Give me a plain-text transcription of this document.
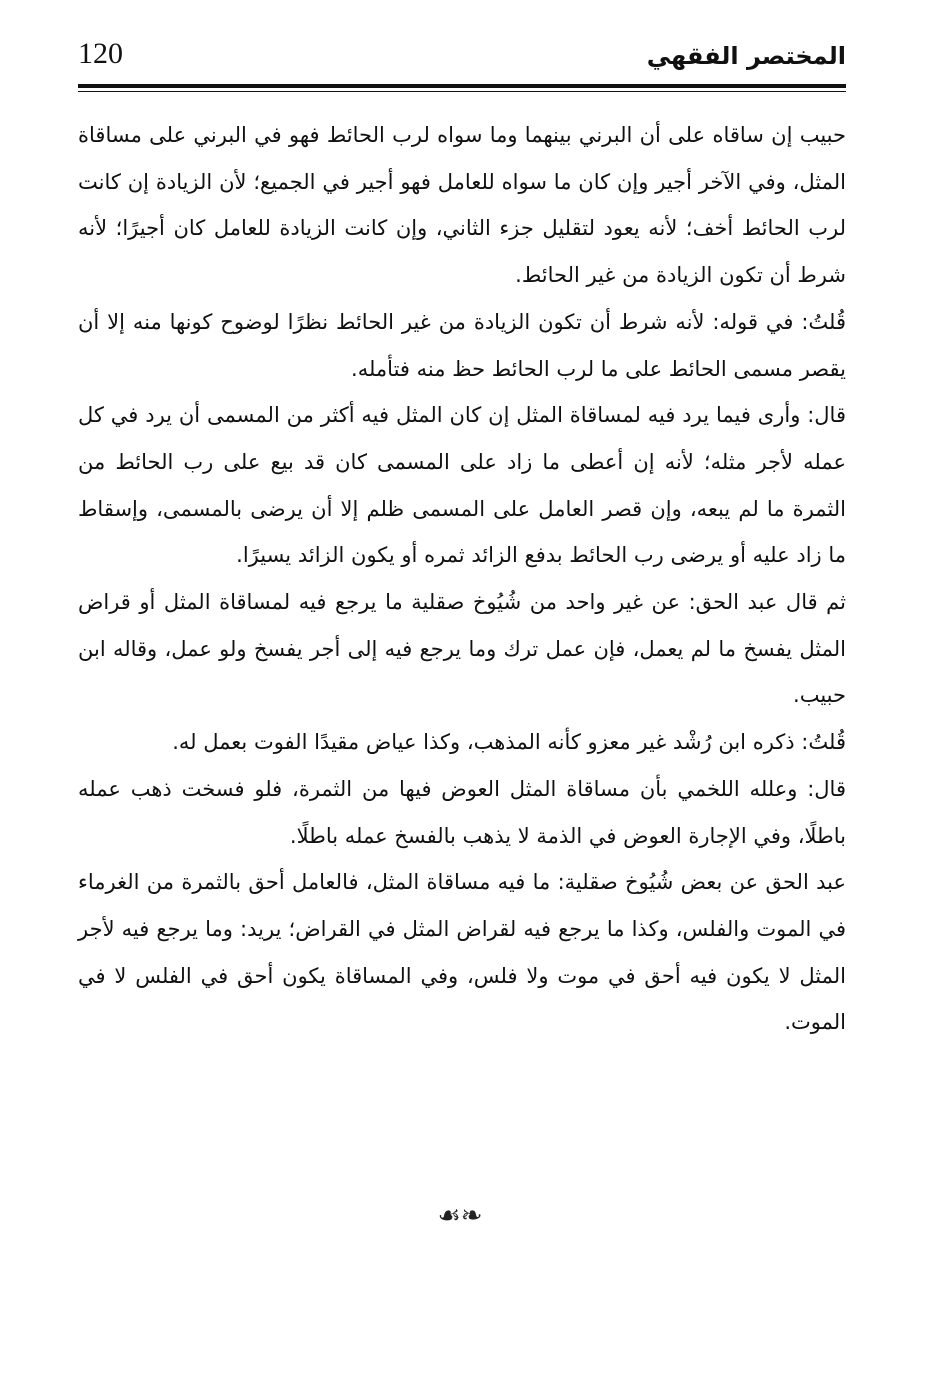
120	المختصر الفقهي

حبيب إن ساقاه على أن البرني بينهما وما سواه لرب الحائط فهو في البرني على مساقاة المثل، وفي الآخر أجير وإن كان ما سواه للعامل فهو أجير في الجميع؛ لأن الزيادة إن كانت لرب الحائط أخف؛ لأنه يعود لتقليل جزء الثاني، وإن كانت الزيادة للعامل كان أجيرًا؛ لأنه شرط أن تكون الزيادة من غير الحائط.

قُلتُ: في قوله: لأنه شرط أن تكون الزيادة من غير الحائط نظرًا لوضوح كونها منه إلا أن يقصر مسمى الحائط على ما لرب الحائط حظ منه فتأمله.

قال: وأرى فيما يرد فيه لمساقاة المثل إن كان المثل فيه أكثر من المسمى أن يرد في كل عمله لأجر مثله؛ لأنه إن أعطى ما زاد على المسمى كان قد بيع على رب الحائط من الثمرة ما لم يبعه، وإن قصر العامل على المسمى ظلم إلا أن يرضى بالمسمى، وإسقاط ما زاد عليه أو يرضى رب الحائط بدفع الزائد ثمره أو يكون الزائد يسيرًا.

ثم قال عبد الحق: عن غير واحد من شُيُوخ صقلية ما يرجع فيه لمساقاة المثل أو قراض المثل يفسخ ما لم يعمل، فإن عمل ترك وما يرجع فيه إلى أجر يفسخ ولو عمل، وقاله ابن حبيب.

قُلتُ: ذكره ابن رُشْد غير معزو كأنه المذهب، وكذا عياض مقيدًا الفوت بعمل له.

قال: وعلله اللخمي بأن مساقاة المثل العوض فيها من الثمرة، فلو فسخت ذهب عمله باطلًا، وفي الإجارة العوض في الذمة لا يذهب بالفسخ عمله باطلًا.

عبد الحق عن بعض شُيُوخ صقلية: ما فيه مساقاة المثل، فالعامل أحق بالثمرة من الغرماء في الموت والفلس، وكذا ما يرجع فيه لقراض المثل في القراض؛ يريد: وما يرجع فيه لأجر المثل لا يكون فيه أحق في موت ولا فلس، وفي المساقاة يكون أحق في الفلس لا في الموت.

☙❧
